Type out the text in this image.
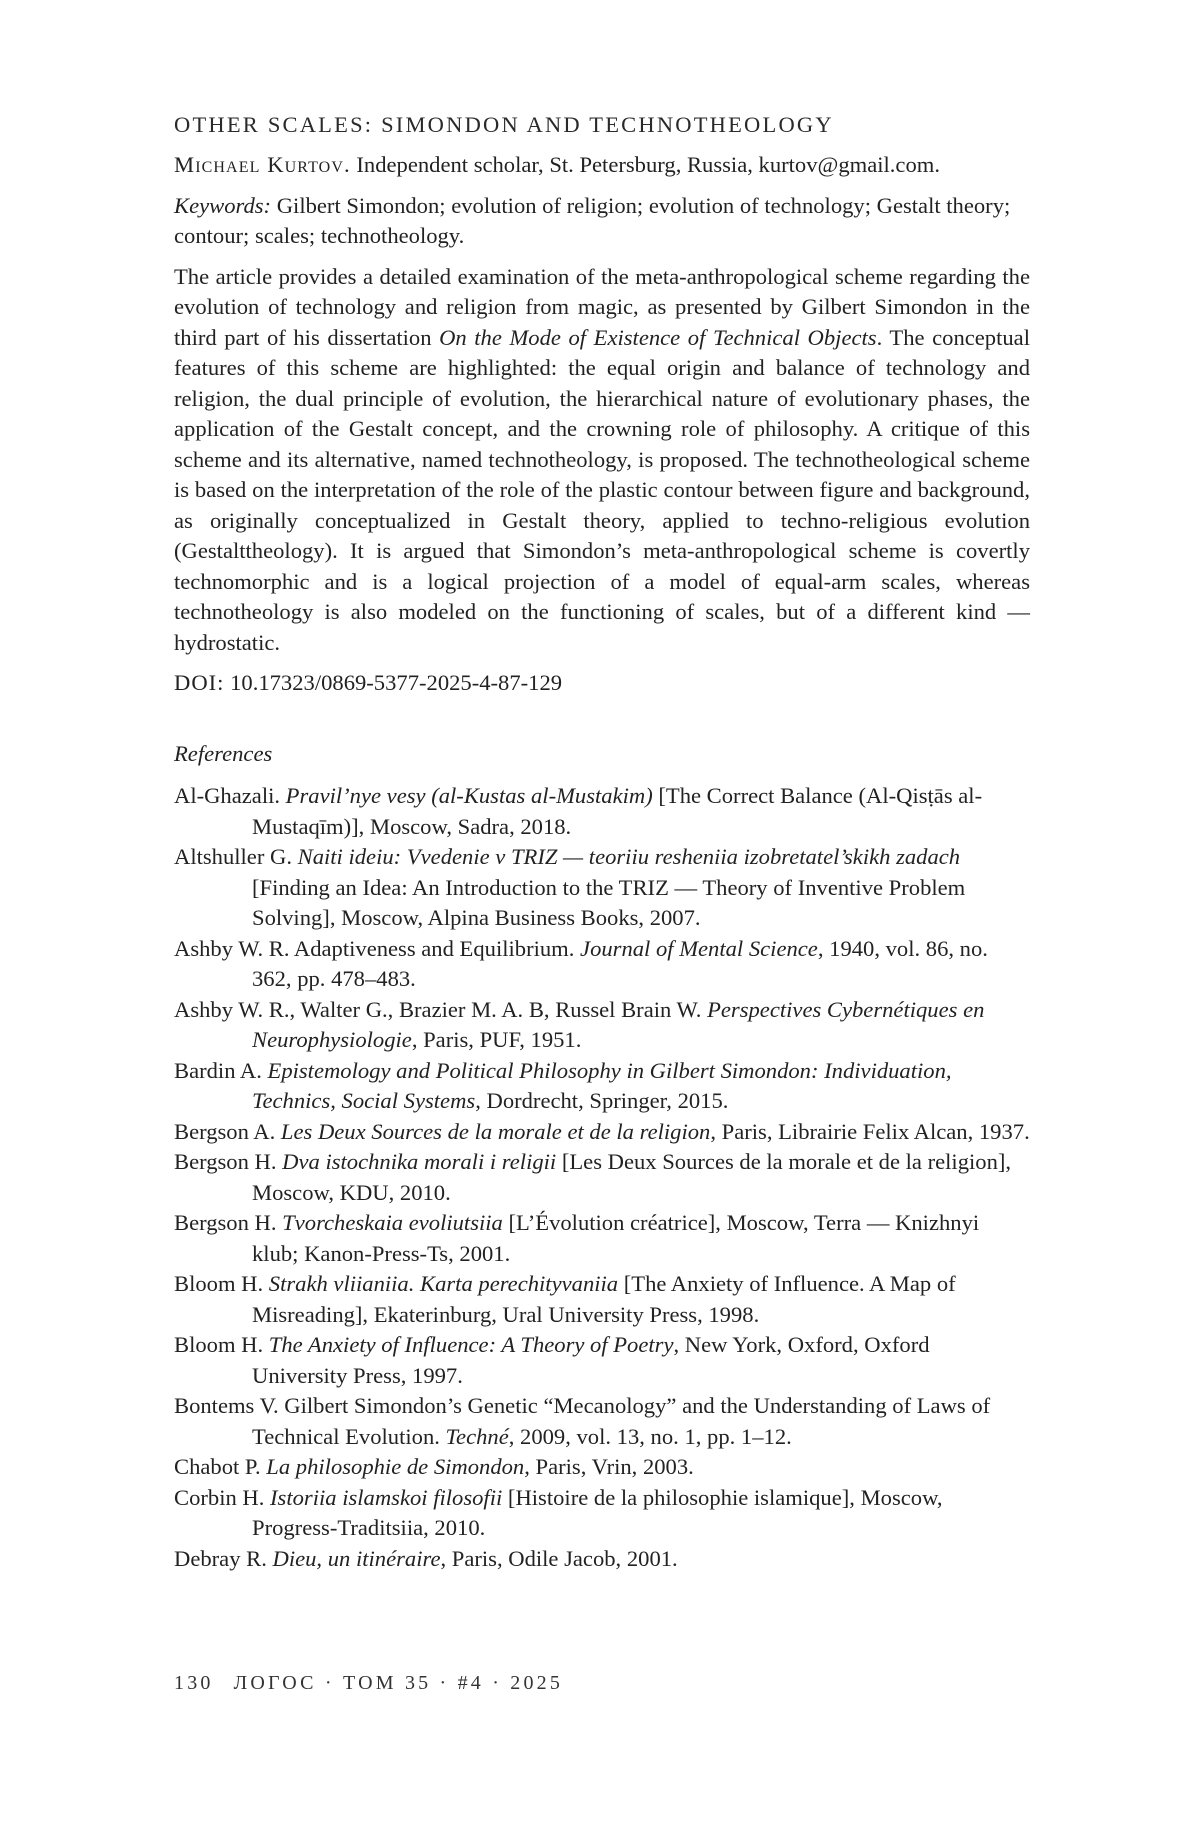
OTHER SCALES: SIMONDON AND TECHNOTHEOLOGY

Michael Kurtov. Independent scholar, St. Petersburg, Russia, kurtov@gmail.com.

Keywords: Gilbert Simondon; evolution of religion; evolution of technology; Gestalt theory; contour; scales; technotheology.

The article provides a detailed examination of the meta-anthropological scheme regarding the evolution of technology and religion from magic, as presented by Gilbert Simondon in the third part of his dissertation On the Mode of Existence of Technical Objects. The conceptual features of this scheme are highlighted: the equal origin and balance of technology and religion, the dual principle of evolution, the hierarchical nature of evolutionary phases, the application of the Gestalt concept, and the crowning role of philosophy. A critique of this scheme and its alternative, named technotheology, is proposed. The technotheological scheme is based on the interpretation of the role of the plastic contour between figure and background, as originally conceptualized in Gestalt theory, applied to techno-religious evolution (Gestalttheology). It is argued that Simondon’s meta-anthropological scheme is covertly technomorphic and is a logical projection of a model of equal-arm scales, whereas technotheology is also modeled on the functioning of scales, but of a different kind — hydrostatic.

DOI: 10.17323/0869-5377-2025-4-87-129

References
Al-Ghazali. Pravil’nye vesy (al-Kustas al-Mustakim) [The Correct Balance (Al-Qisṭās al-Mustaqīm)], Moscow, Sadra, 2018.
Altshuller G. Naiti ideiu: Vvedenie v TRIZ — teoriiu resheniia izobretatel’skikh zadach [Finding an Idea: An Introduction to the TRIZ — Theory of Inventive Problem Solving], Moscow, Alpina Business Books, 2007.
Ashby W. R. Adaptiveness and Equilibrium. Journal of Mental Science, 1940, vol. 86, no. 362, pp. 478–483.
Ashby W. R., Walter G., Brazier M. A. B, Russel Brain W. Perspectives Cybernétiques en Neurophysiologie, Paris, PUF, 1951.
Bardin A. Epistemology and Political Philosophy in Gilbert Simondon: Individuation, Technics, Social Systems, Dordrecht, Springer, 2015.
Bergson A. Les Deux Sources de la morale et de la religion, Paris, Librairie Felix Alcan, 1937.
Bergson H. Dva istochnika morali i religii [Les Deux Sources de la morale et de la religion], Moscow, KDU, 2010.
Bergson H. Tvorcheskaia evoliutsiia [L’Évolution créatrice], Moscow, Terra — Knizhnyi klub; Kanon-Press-Ts, 2001.
Bloom H. Strakh vliianiia. Karta perechityvaniia [The Anxiety of Influence. A Map of Misreading], Ekaterinburg, Ural University Press, 1998.
Bloom H. The Anxiety of Influence: A Theory of Poetry, New York, Oxford, Oxford University Press, 1997.
Bontems V. Gilbert Simondon’s Genetic “Mecanology” and the Understanding of Laws of Technical Evolution. Techné, 2009, vol. 13, no. 1, pp. 1–12.
Chabot P. La philosophie de Simondon, Paris, Vrin, 2003.
Corbin H. Istoriia islamskoi filosofii [Histoire de la philosophie islamique], Moscow, Progress-Traditsiia, 2010.
Debray R. Dieu, un itinéraire, Paris, Odile Jacob, 2001.
130 ЛОГОС · ТОМ 35 · #4 · 2025
